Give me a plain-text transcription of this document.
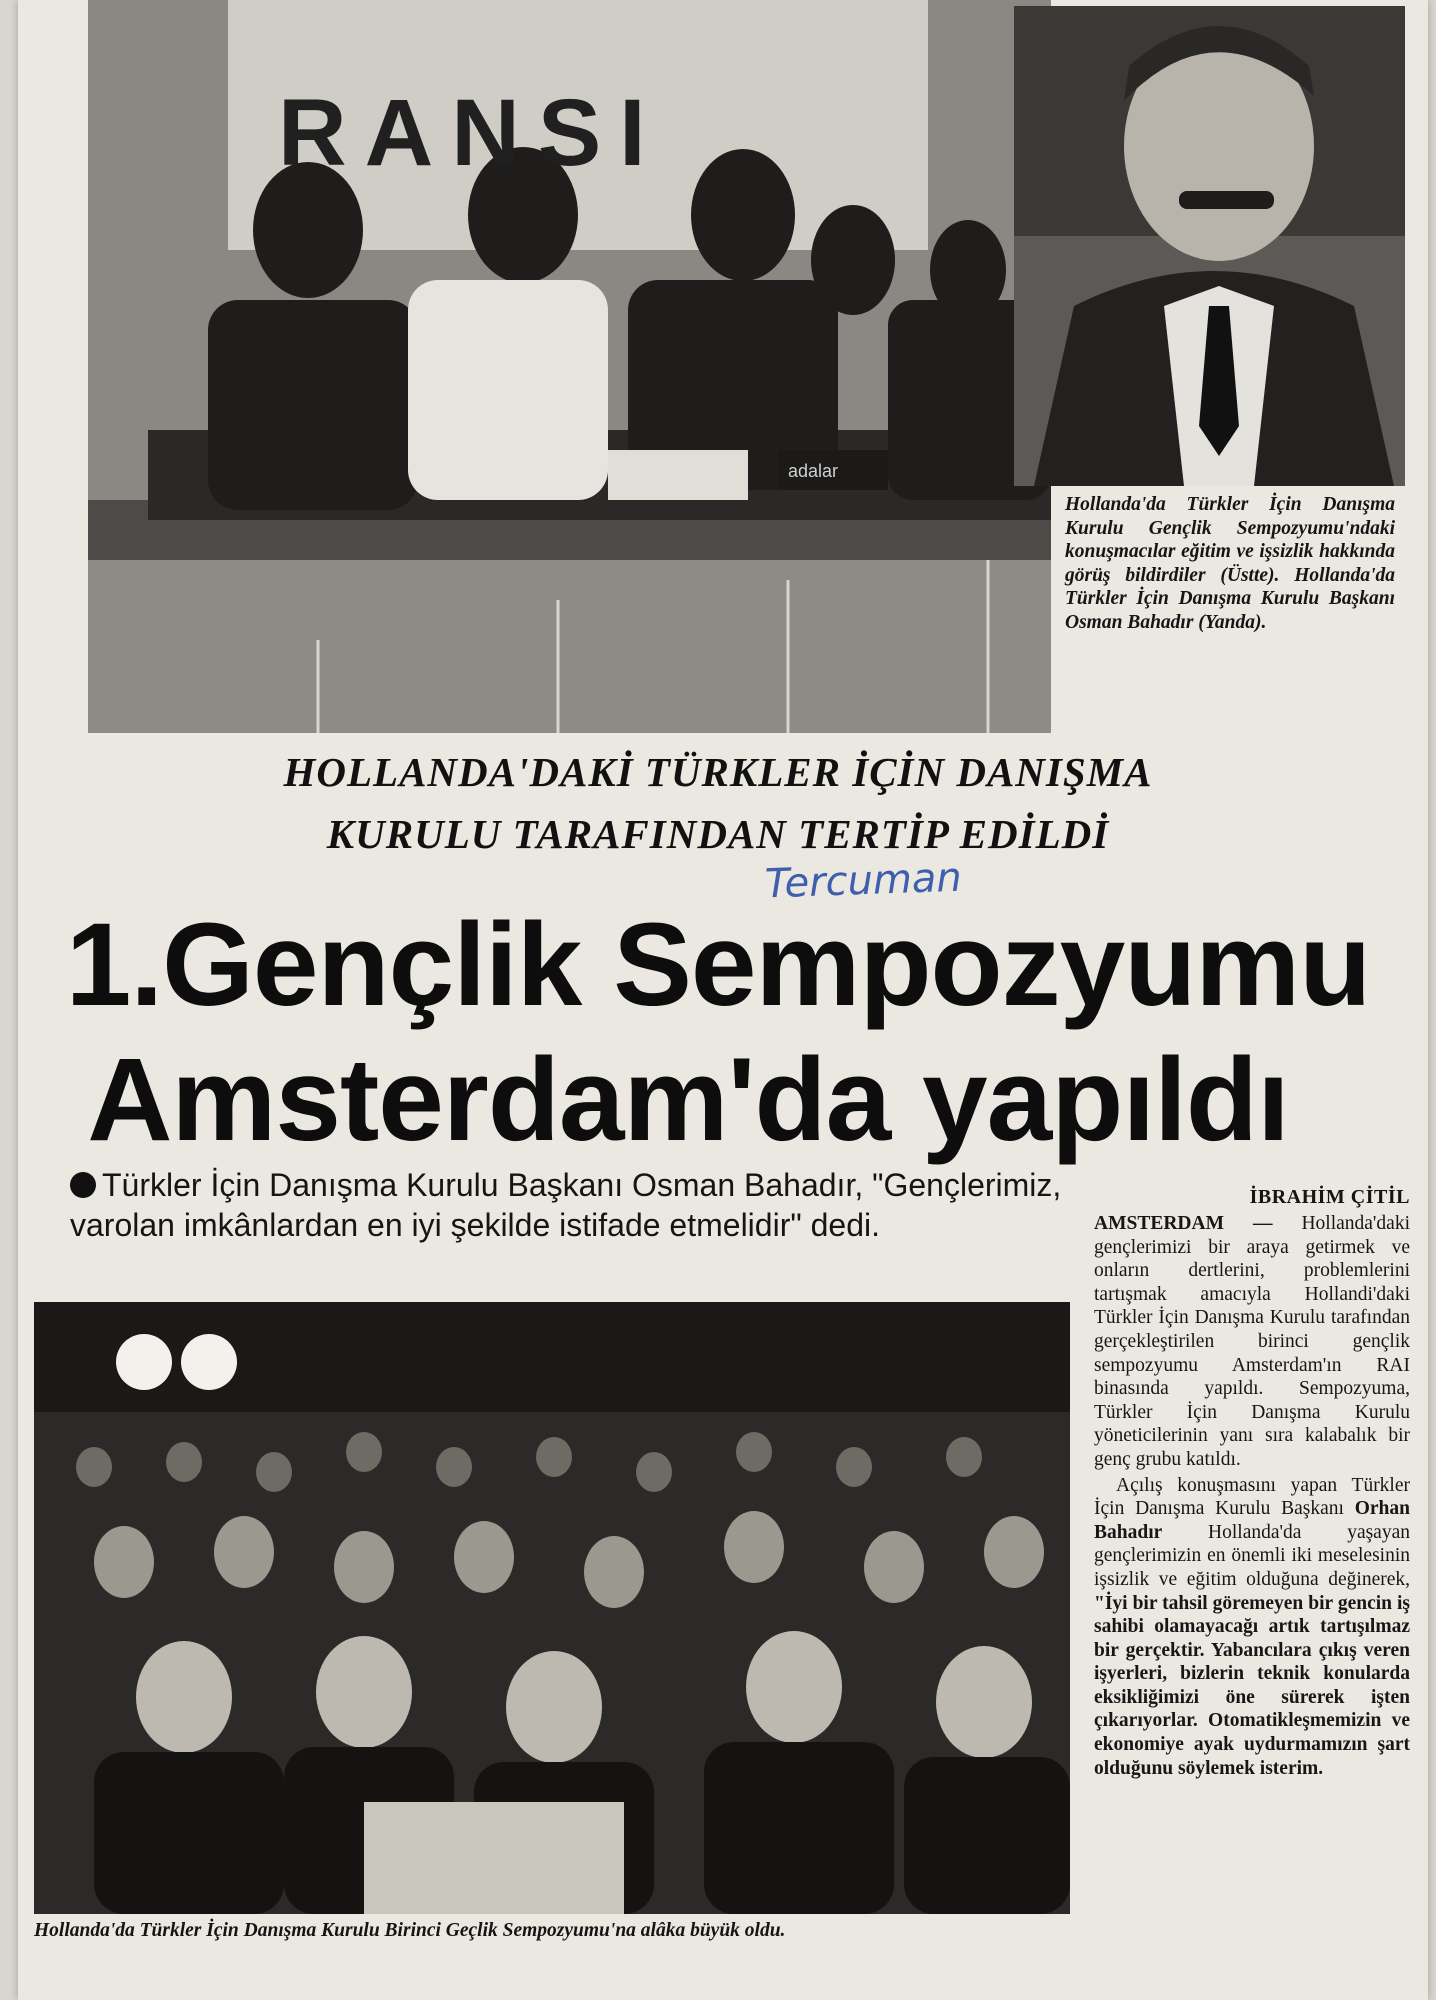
adalar
RANSI
Hollanda'da Türkler İçin Danışma Kurulu Gençlik Sempozyumu'ndaki konuşmacılar eğitim ve işsizlik hakkında görüş bildirdiler (Üstte). Hollanda'da Türkler İçin Danışma Kurulu Başkanı Osman Bahadır (Yanda).
HOLLANDA'DAKİ TÜRKLER İÇİN DANIŞMA
KURULU TARAFINDAN TERTİP EDİLDİ
Tercuman
1.Gençlik Sempozyumu
Amsterdam'da yapıldı
Türkler İçin Danışma Kurulu Başkanı Osman Bahadır, "Gençlerimiz, varolan imkânlardan en iyi şekilde istifade etmelidir" dedi.
İBRAHİM ÇİTİL

AMSTERDAM — Hollanda'daki gençlerimizi bir araya getirmek ve onların dertlerini, problemlerini tartışmak amacıyla Hollandi'daki Türkler İçin Danışma Kurulu tarafından gerçekleştirilen birinci gençlik sempozyumu Amsterdam'ın RAI binasında yapıldı. Sempozyuma, Türkler İçin Danışma Kurulu yöneticilerinin yanı sıra kalabalık bir genç grubu katıldı.

Açılış konuşmasını yapan Türkler İçin Danışma Kurulu Başkanı Orhan Bahadır Hollanda'da yaşayan gençlerimizin en önemli iki meselesinin işsizlik ve eğitim olduğuna değinerek, "İyi bir tahsil göremeyen bir gencin iş sahibi olamayacağı artık tartışılmaz bir gerçektir. Yabancılara çıkış veren işyerleri, bizlerin teknik konularda eksikliğimizi öne sürerek işten çıkarıyorlar. Otomatikleşmemizin ve ekonomiye ayak uydurmamızın şart olduğunu söylemek isterim.

Hollanda'da Türkler İçin Danışma Kurulu Birinci Geçlik Sempozyumu'na alâka büyük oldu.
